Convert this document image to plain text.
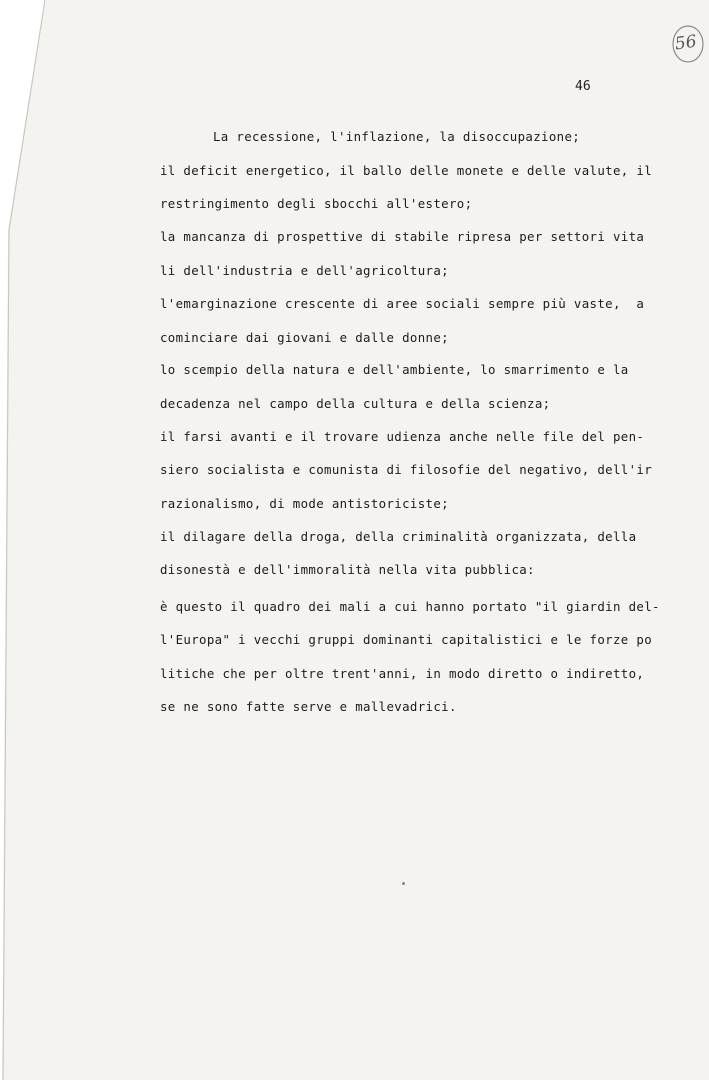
56
46
La recessione, l'inflazione, la disoccupazione;
il deficit energetico, il ballo delle monete e delle valute, il
restringimento degli sbocchi all'estero;
la mancanza di prospettive di stabile ripresa per settori vita
li dell'industria e dell'agricoltura;
l'emarginazione crescente di aree sociali sempre più vaste,  a
cominciare dai giovani e dalle donne;
lo scempio della natura e dell'ambiente, lo smarrimento e la
decadenza nel campo della cultura e della scienza;
il farsi avanti e il trovare udienza anche nelle file del pen-
siero socialista e comunista di filosofie del negativo, dell'ir
razionalismo, di mode antistoriciste;
il dilagare della droga, della criminalità organizzata, della
disonestà e dell'immoralità nella vita pubblica:
è questo il quadro dei mali a cui hanno portato "il giardin del-
l'Europa" i vecchi gruppi dominanti capitalistici e le forze po
litiche che per oltre trent'anni, in modo diretto o indiretto,
se ne sono fatte serve e mallevadrici.
